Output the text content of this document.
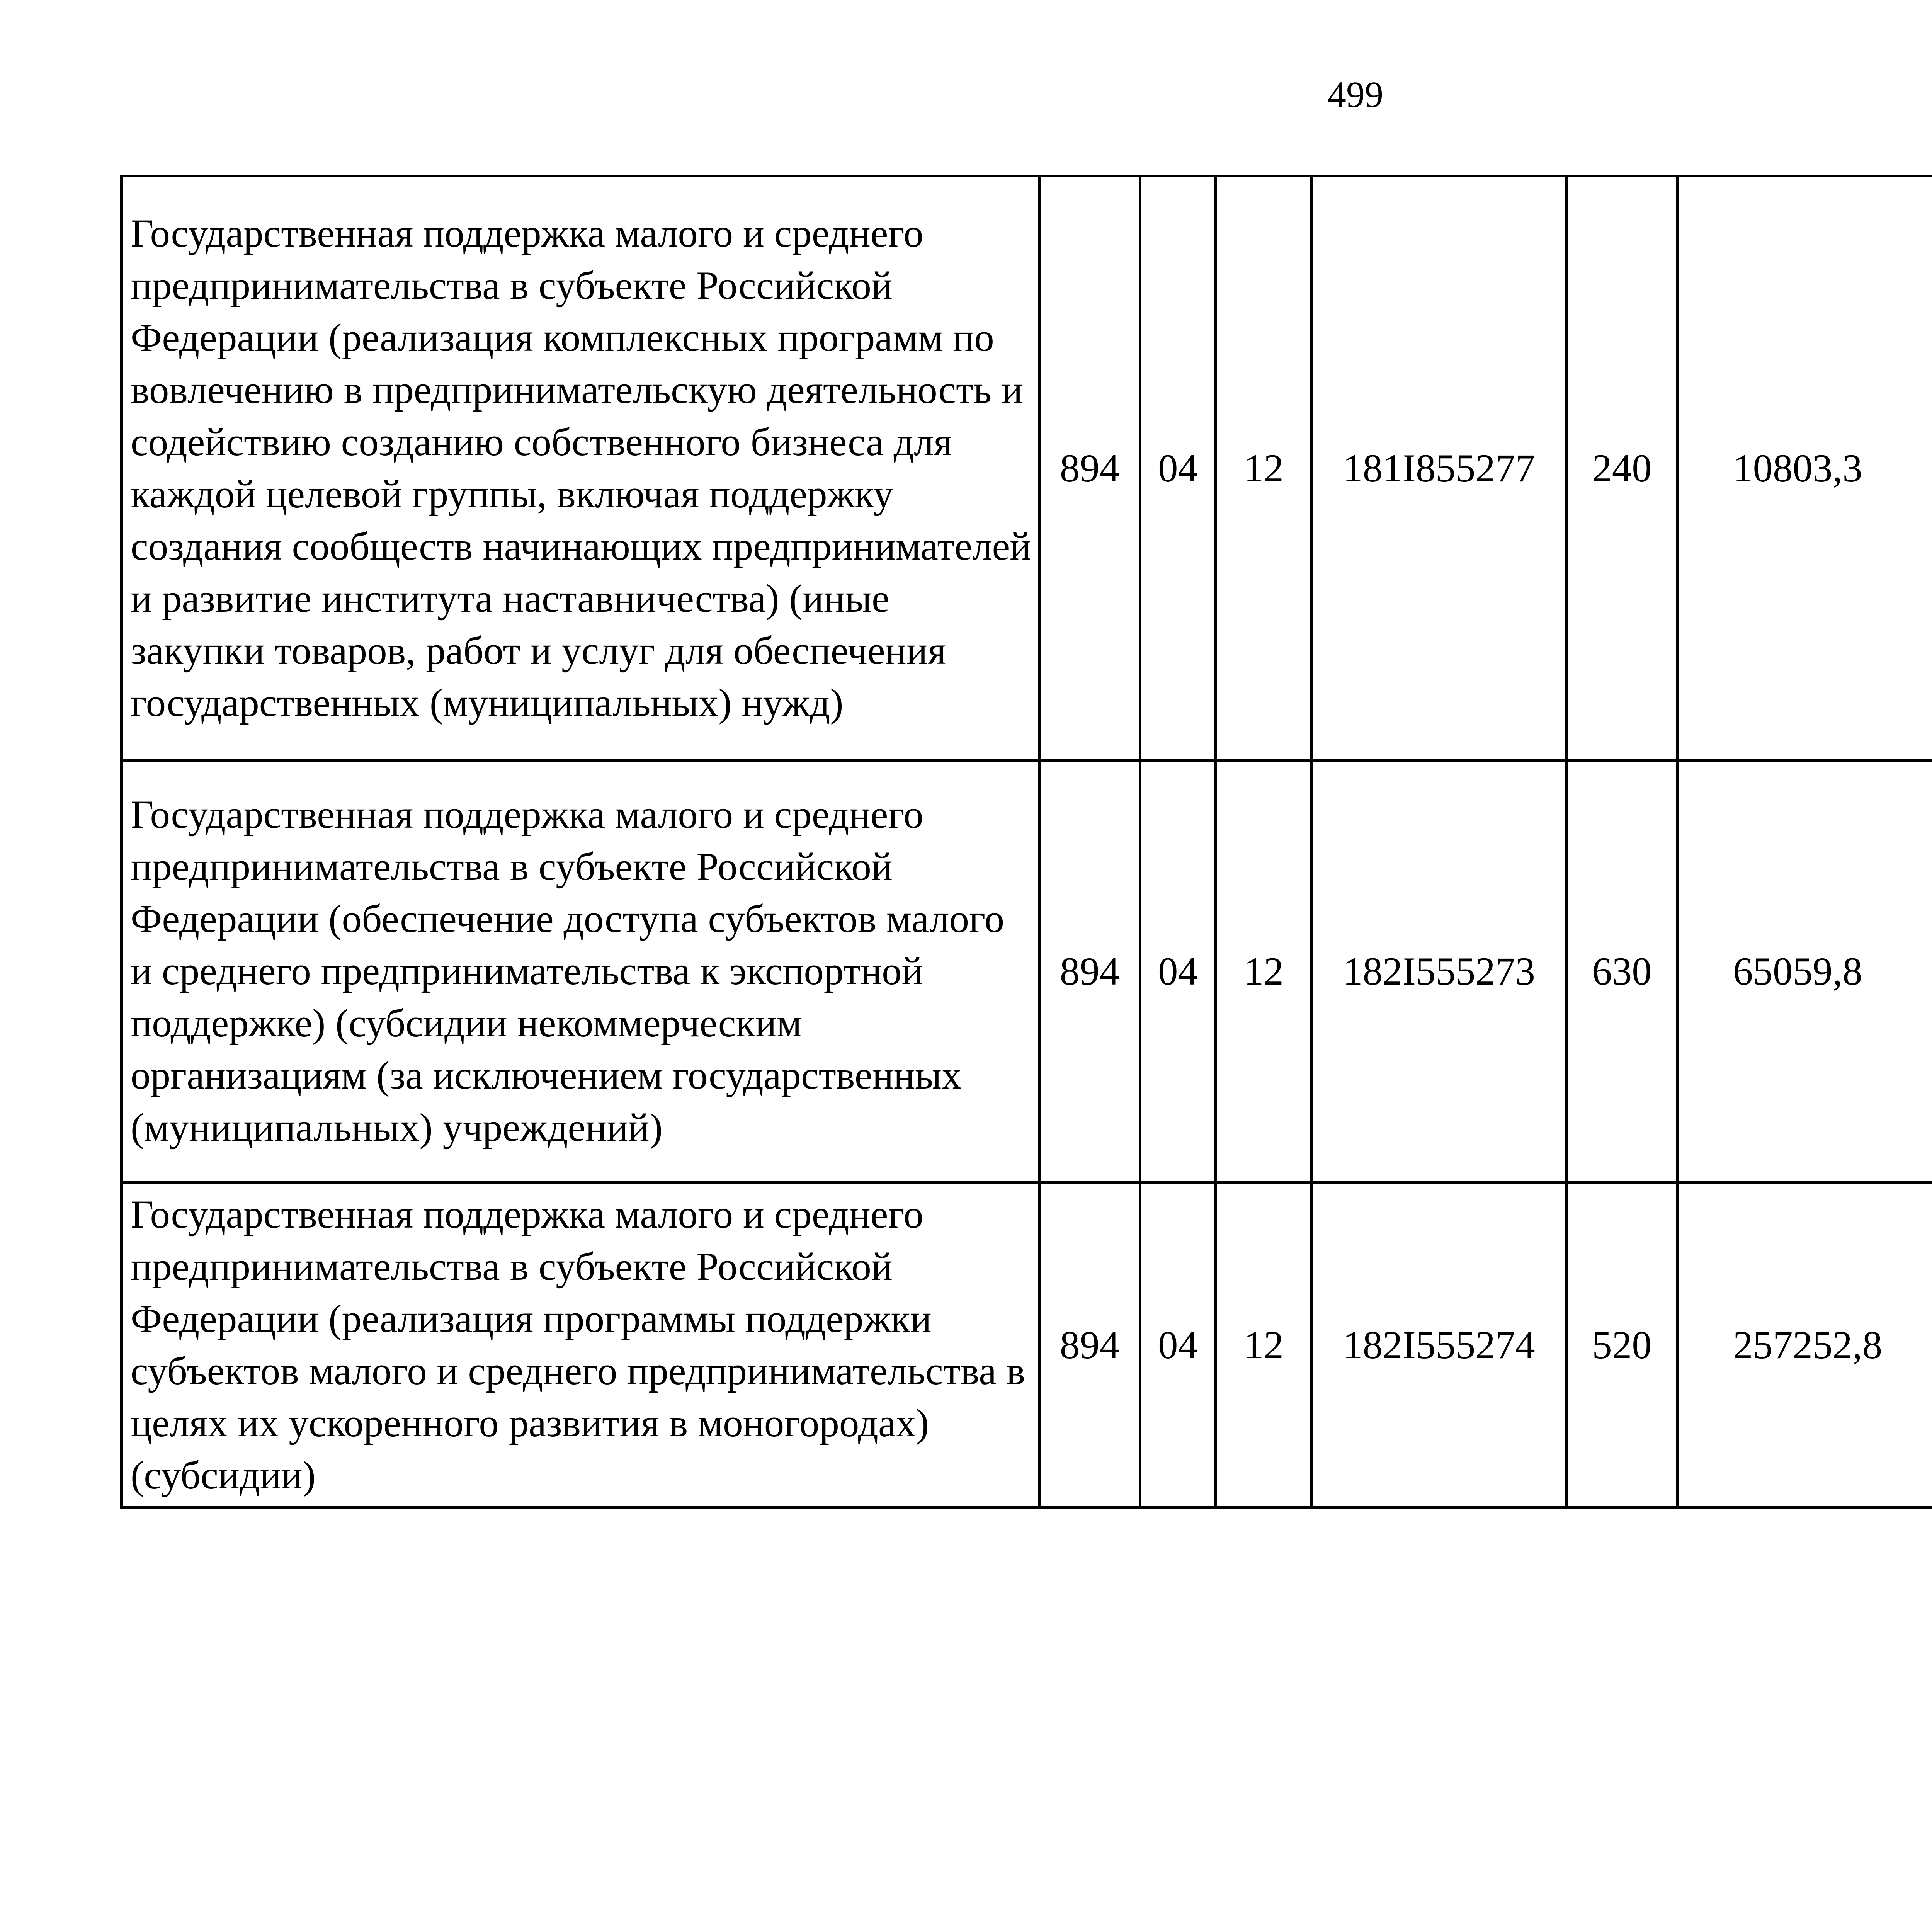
499
Государственная поддержка малого и среднего предпринимательства в субъекте Российской Федерации (реализация комплексных программ по вовлечению в предпринимательскую деятельность и содействию созданию собственного бизнеса для каждой целевой группы, включая поддержку создания сообществ начинающих предпринимателей и развитие института наставничества) (иные закупки товаров, работ и услуг для обеспечения государственных (муниципальных) нужд)	894	04	12	181I855277	240	10803,3		
Государственная поддержка малого и среднего предпринимательства в субъекте Российской Федерации (обеспечение доступа субъектов малого и среднего предпринимательства к экспортной поддержке) (субсидии некоммерческим организациям (за исключением государственных (муниципальных) учреждений)	894	04	12	182I555273	630	65059,8		
Государственная поддержка малого и среднего предпринимательства в субъекте Российской Федерации (реализация программы поддержки субъектов малого и среднего предпринимательства в целях их ускоренного развития в моногородах) (субсидии)	894	04	12	182I555274	520	257252,8		
